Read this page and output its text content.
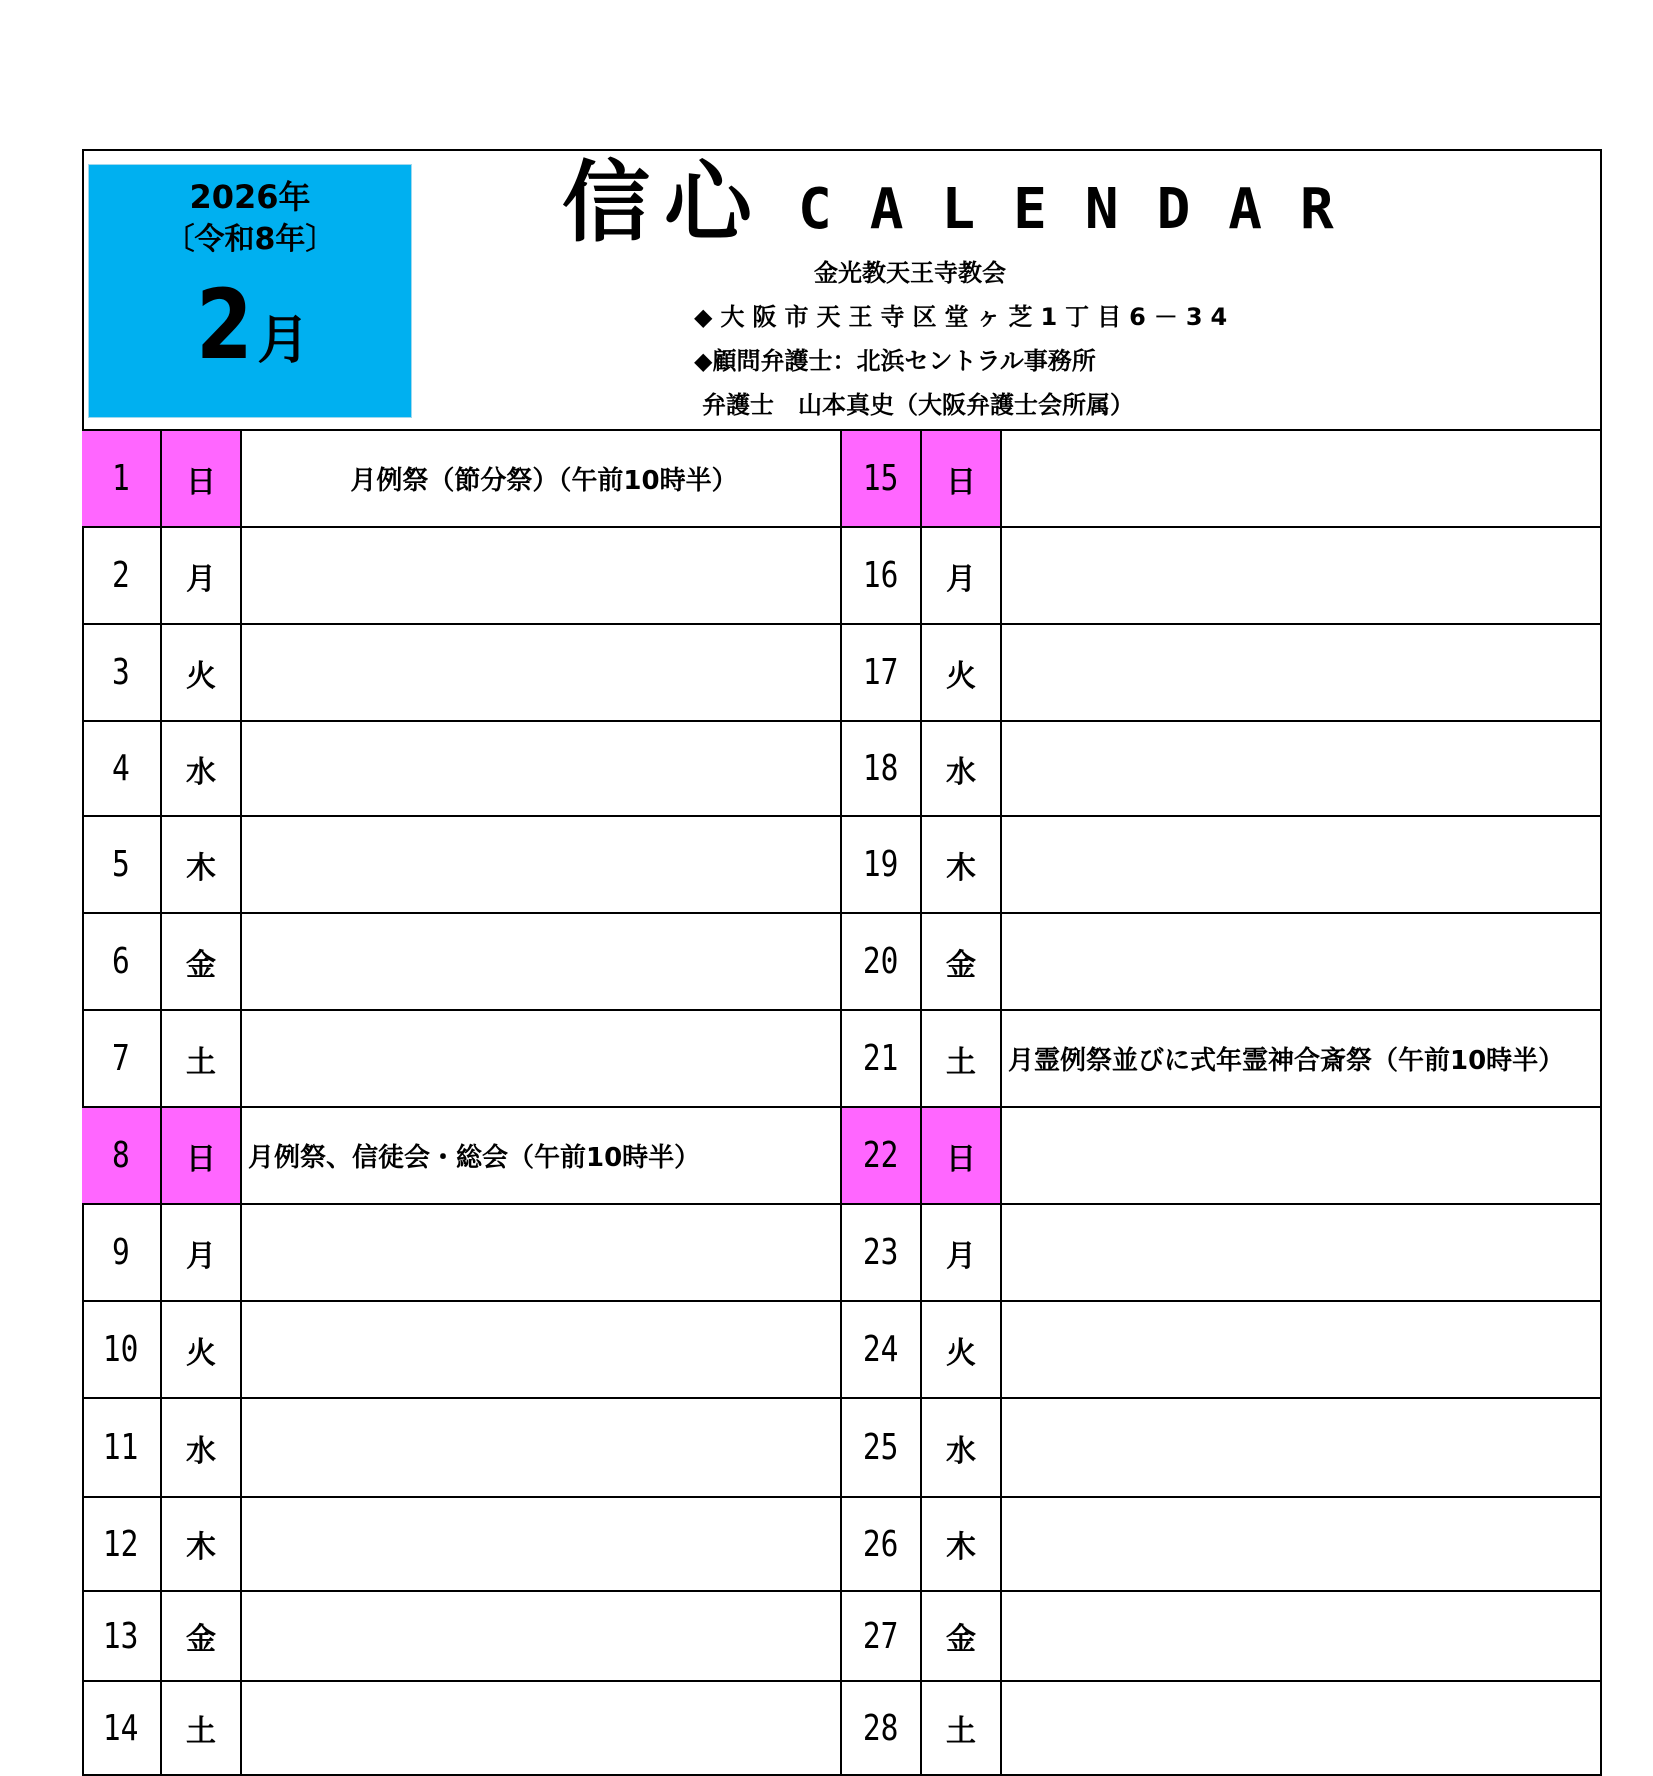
2026年
〔令和8年〕
2月
信心 CALENDAR
金光教天王寺教会
◆大阪市天王寺区堂ヶ芝1丁目6－34
◆顧問弁護士：北浜セントラル事務所
弁護士　山本真史（大阪弁護士会所属）
1 日	月例祭（節分祭）（午前10時半）	15 日
2 月	16 月
3 火	17 火
4 水	18 水
5 木	19 木
6 金	20 金
7 土	21 土 月霊例祭並びに式年霊神合斎祭（午前10時半）
8 日 月例祭、信徒会・総会（午前10時半）	22 日
9 月	23 月
10 火	24 火
11 水	25 水
12 木	26 木
13 金	27 金
14 土	28 土
